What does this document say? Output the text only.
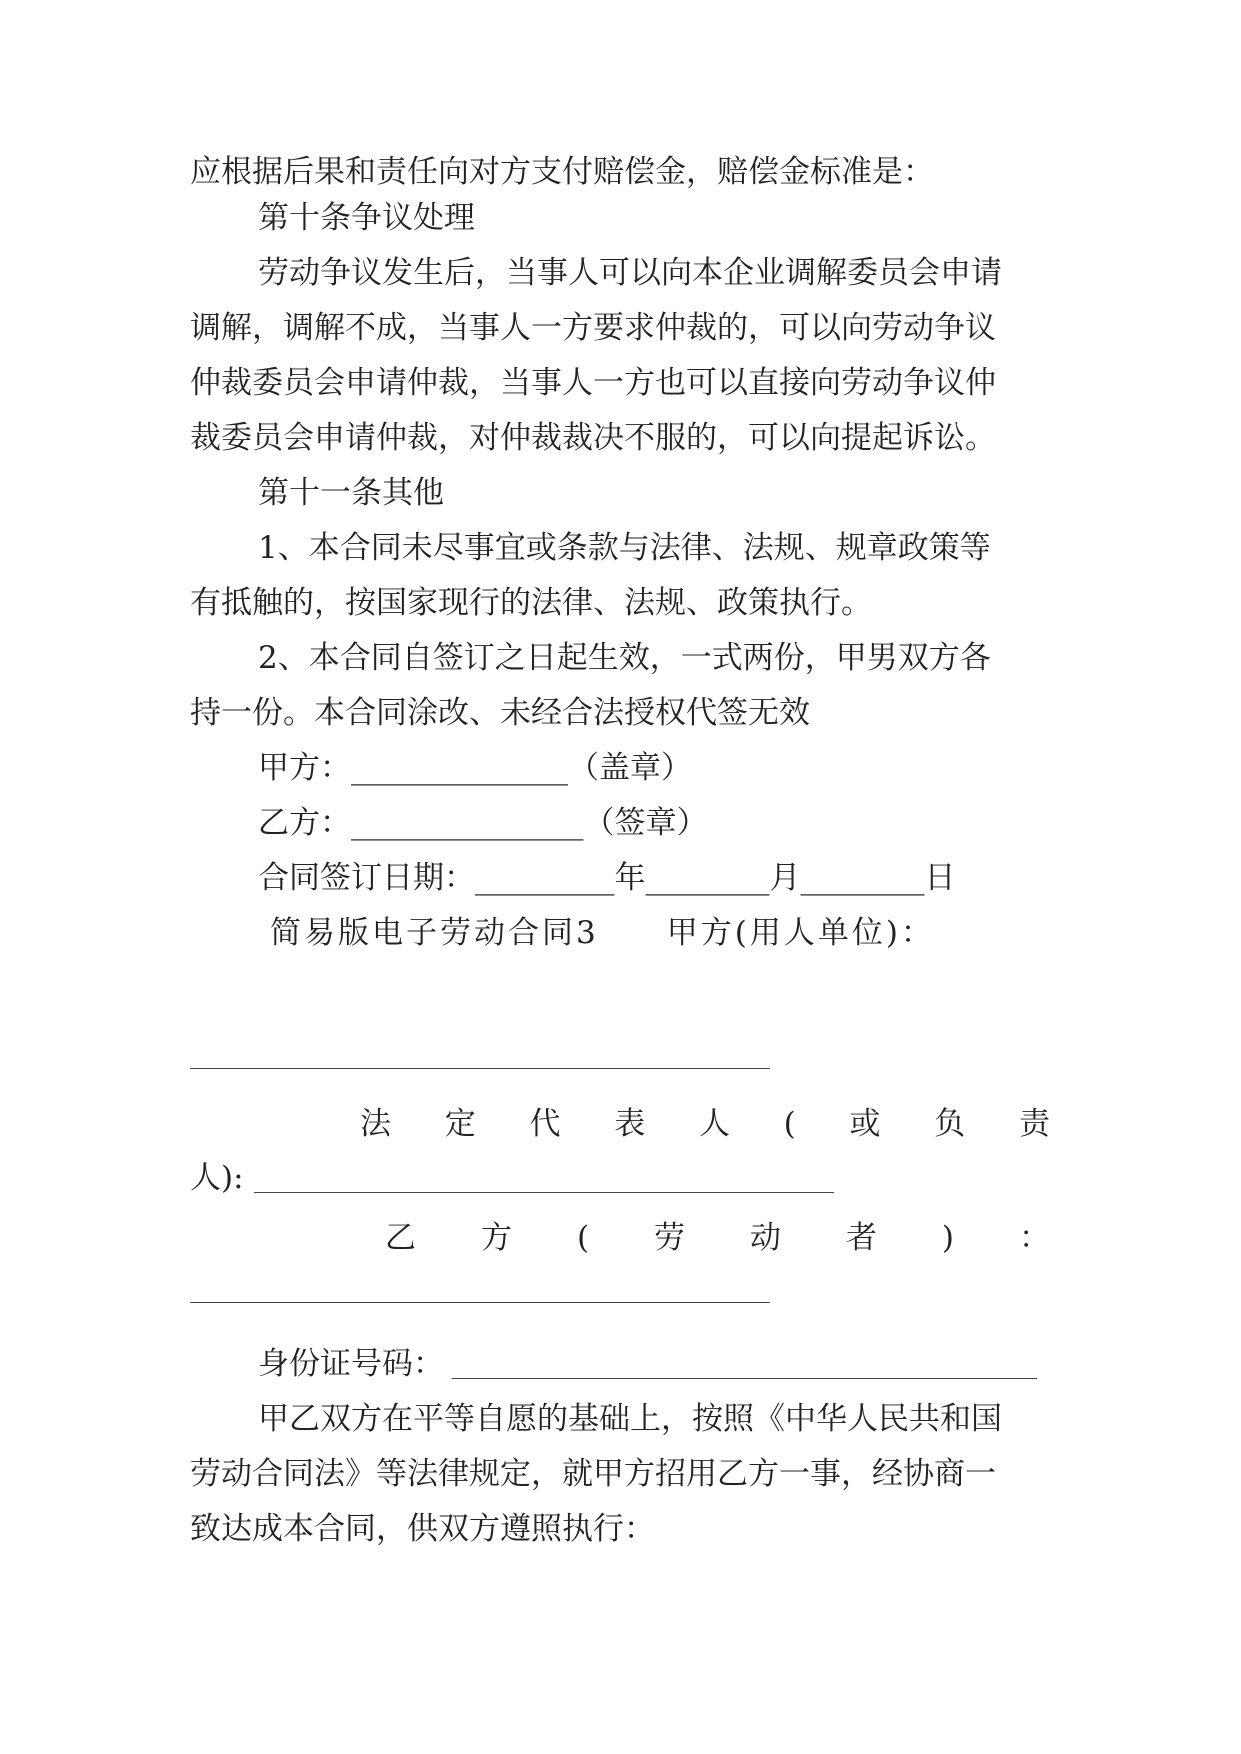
应根据后果和责任向对方支付赔偿金，赔偿金标准是：
第十条争议处理
劳动争议发生后，当事人可以向本企业调解委员会申请
调解，调解不成，当事人一方要求仲裁的，可以向劳动争议
仲裁委员会申请仲裁，当事人一方也可以直接向劳动争议仲
裁委员会申请仲裁，对仲裁裁决不服的，可以向提起诉讼。
第十一条其他
1、本合同未尽事宜或条款与法律、法规、规章政策等
有抵触的，按国家现行的法律、法规、政策执行。
2、本合同自签订之日起生效，一式两份，甲男双方各
持一份。本合同涂改、未经合法授权代签无效
甲方：______________（盖章）
乙方：_______________（签章）
合同签订日期：_________年________月________日
简易版电子劳动合同3　　甲方(用人单位)：
法 定 代 表 人 ( 或 负 责
人):
乙 方 ( 劳 动 者 ) ：
身份证号码：
甲乙双方在平等自愿的基础上，按照《中华人民共和国
劳动合同法》等法律规定，就甲方招用乙方一事，经协商一
致达成本合同，供双方遵照执行：
